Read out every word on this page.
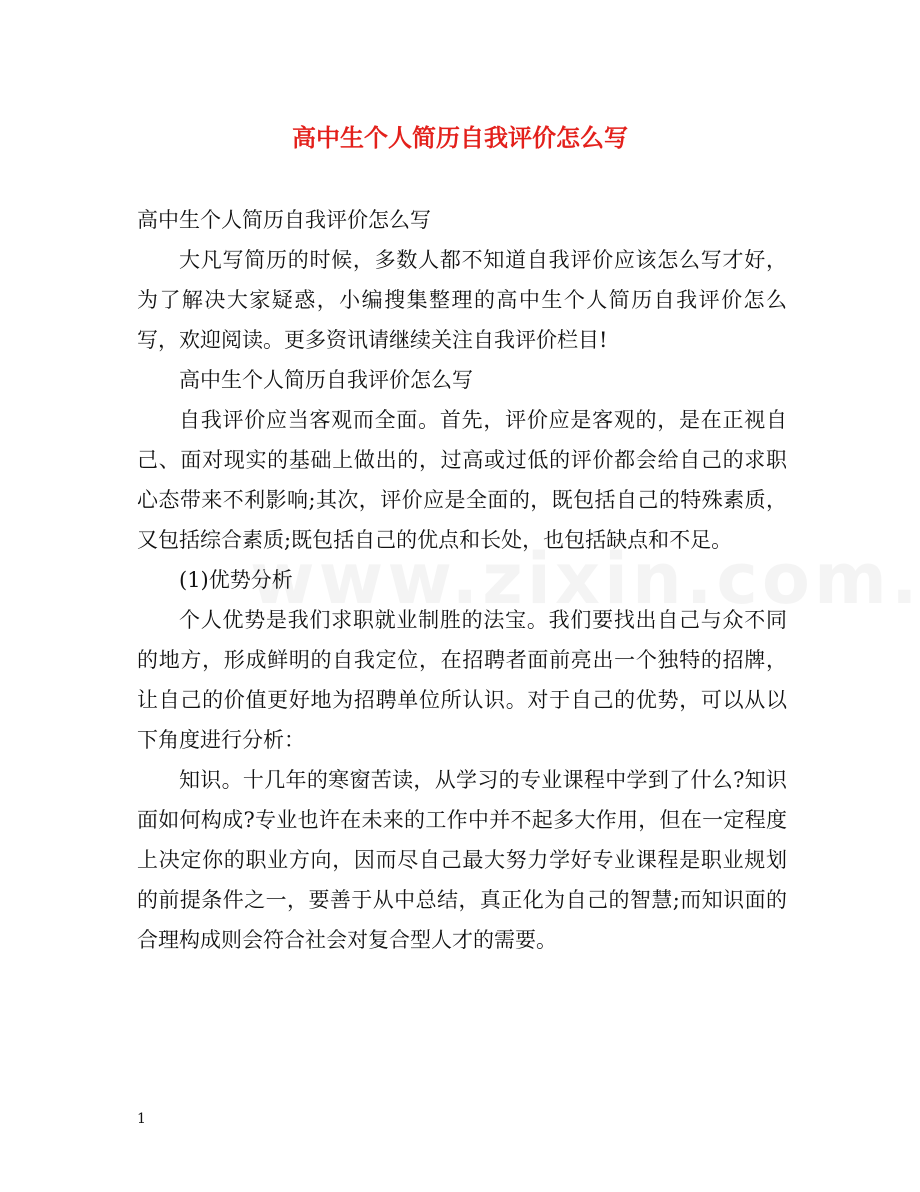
高中生个人简历自我评价怎么写

高中生个人简历自我评价怎么写

大凡写简历的时候，多数人都不知道自我评价应该怎么写才好，为了解决大家疑惑，小编搜集整理的高中生个人简历自我评价怎么写，欢迎阅读。更多资讯请继续关注自我评价栏目!

高中生个人简历自我评价怎么写

自我评价应当客观而全面。首先，评价应是客观的，是在正视自己、面对现实的基础上做出的，过高或过低的评价都会给自己的求职心态带来不利影响;其次，评价应是全面的，既包括自己的特殊素质，又包括综合素质;既包括自己的优点和长处，也包括缺点和不足。

(1)优势分析

个人优势是我们求职就业制胜的法宝。我们要找出自己与众不同的地方，形成鲜明的自我定位，在招聘者面前亮出一个独特的招牌，让自己的价值更好地为招聘单位所认识。对于自己的优势，可以从以下角度进行分析：

知识。十几年的寒窗苦读，从学习的专业课程中学到了什么?知识面如何构成?专业也许在未来的工作中并不起多大作用，但在一定程度上决定你的职业方向，因而尽自己最大努力学好专业课程是职业规划的前提条件之一，要善于从中总结，真正化为自己的智慧;而知识面的合理构成则会符合社会对复合型人才的需要。

1
